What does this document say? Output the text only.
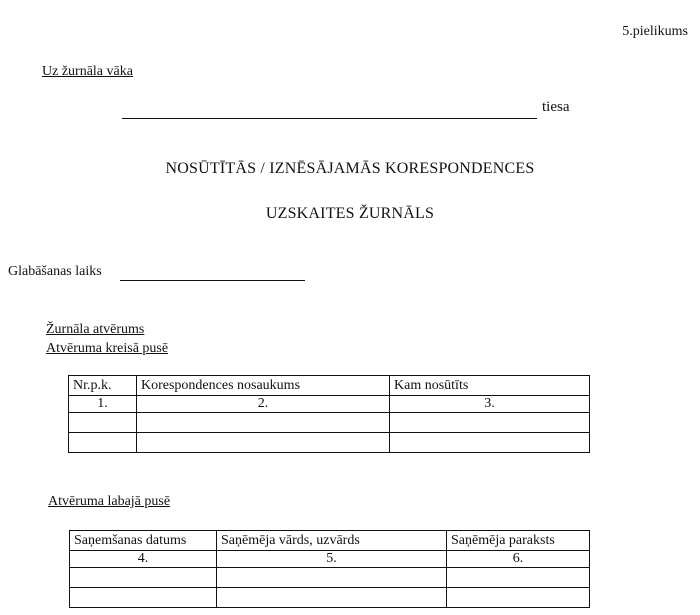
5.pielikums
Uz žurnāla vāka
tiesa
NOSŪTĪTĀS / IZNĒSĀJAMĀS KORESPONDENCES
UZSKAITES ŽURNĀLS
Glabāšanas laiks
Žurnāla atvērums
Atvēruma kreisā pusē
Nr.p.k.	Korespondences nosaukums	Kam nosūtīts
1.	2.	3.

Atvēruma labajā pusē
Saņemšanas datums	Saņēmēja vārds, uzvārds	Saņēmēja paraksts
4.	5.	6.
